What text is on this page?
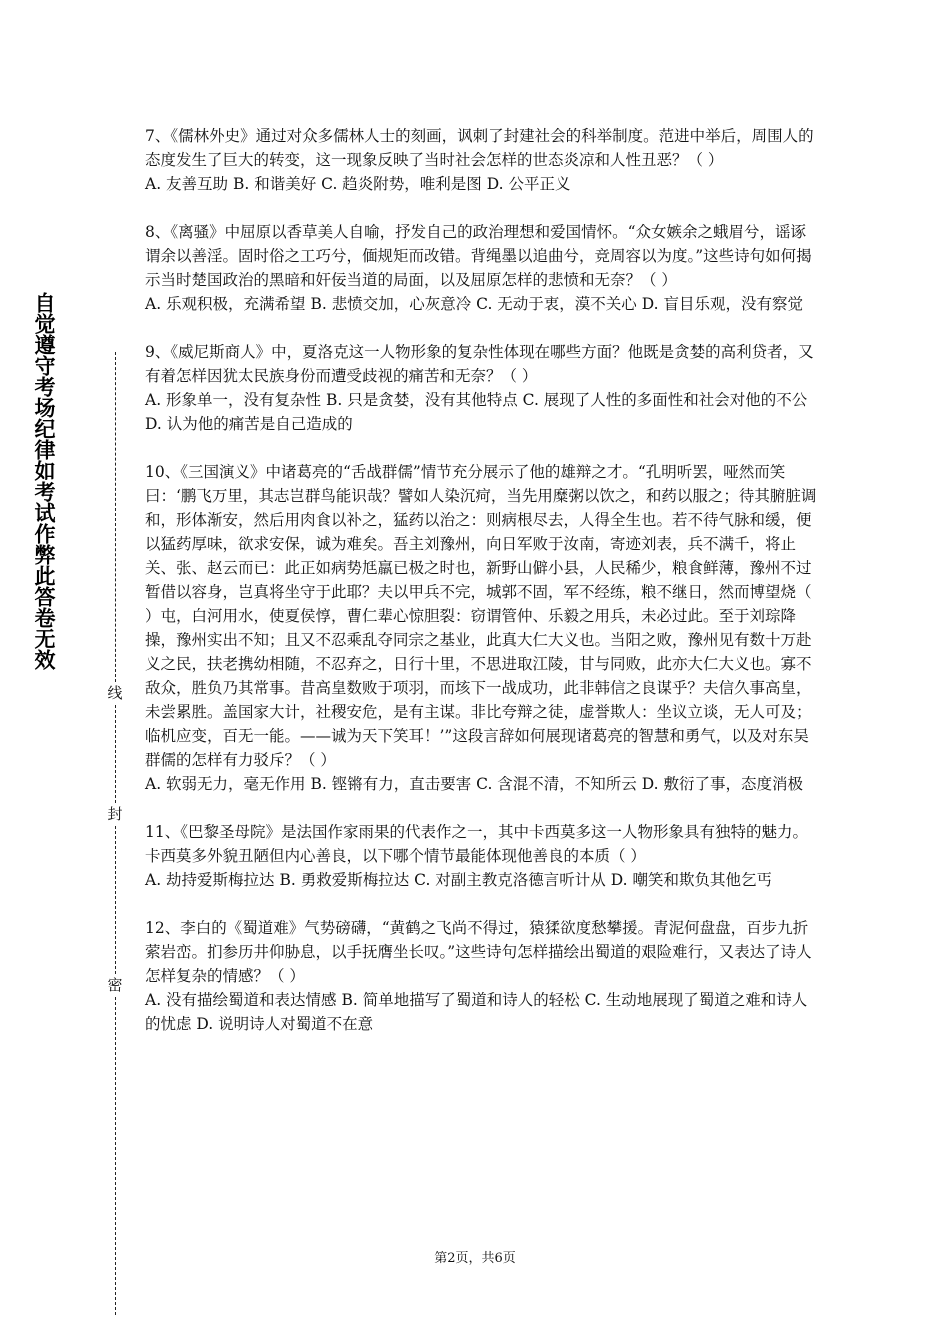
自觉遵守考场纪律如考试作弊此答卷无效
线
封
密

7、《儒林外史》通过对众多儒林人士的刻画，讽刺了封建社会的科举制度。范进中举后，周围人的态度发生了巨大的转变，这一现象反映了当时社会怎样的世态炎凉和人性丑恶？（ ）

A. 友善互助 B. 和谐美好 C. 趋炎附势，唯利是图 D. 公平正义

8、《离骚》中屈原以香草美人自喻，抒发自己的政治理想和爱国情怀。“众女嫉余之蛾眉兮，谣诼谓余以善淫。固时俗之工巧兮，偭规矩而改错。背绳墨以追曲兮，竞周容以为度。”这些诗句如何揭示当时楚国政治的黑暗和奸佞当道的局面，以及屈原怎样的悲愤和无奈？（ ）

A. 乐观积极，充满希望 B. 悲愤交加，心灰意冷 C. 无动于衷，漠不关心 D. 盲目乐观，没有察觉

9、《威尼斯商人》中，夏洛克这一人物形象的复杂性体现在哪些方面？他既是贪婪的高利贷者，又有着怎样因犹太民族身份而遭受歧视的痛苦和无奈？（ ）

A. 形象单一，没有复杂性 B. 只是贪婪，没有其他特点 C. 展现了人性的多面性和社会对他的不公 D. 认为他的痛苦是自己造成的

10、《三国演义》中诸葛亮的“舌战群儒”情节充分展示了他的雄辩之才。“孔明听罢，哑然而笑曰：‘鹏飞万里，其志岂群鸟能识哉？譬如人染沉疴，当先用糜粥以饮之，和药以服之；待其腑脏调和，形体渐安，然后用肉食以补之，猛药以治之：则病根尽去，人得全生也。若不待气脉和缓，便以猛药厚味，欲求安保，诚为难矣。吾主刘豫州，向日军败于汝南，寄迹刘表，兵不满千，将止关、张、赵云而已：此正如病势尪羸已极之时也，新野山僻小县，人民稀少，粮食鲜薄，豫州不过暂借以容身，岂真将坐守于此耶？夫以甲兵不完，城郭不固，军不经练，粮不继日，然而博望烧（ ）屯，白河用水，使夏侯惇，曹仁辈心惊胆裂：窃谓管仲、乐毅之用兵，未必过此。至于刘琮降操，豫州实出不知；且又不忍乘乱夺同宗之基业，此真大仁大义也。当阳之败，豫州见有数十万赴义之民，扶老携幼相随，不忍弃之，日行十里，不思进取江陵，甘与同败，此亦大仁大义也。寡不敌众，胜负乃其常事。昔高皇数败于项羽，而垓下一战成功，此非韩信之良谋乎？夫信久事高皇，未尝累胜。盖国家大计，社稷安危，是有主谋。非比夸辩之徒，虚誉欺人：坐议立谈，无人可及；临机应变，百无一能。——诚为天下笑耳！’”这段言辞如何展现诸葛亮的智慧和勇气，以及对东吴群儒的怎样有力驳斥？（ ）

A. 软弱无力，毫无作用 B. 铿锵有力，直击要害 C. 含混不清，不知所云 D. 敷衍了事，态度消极

11、《巴黎圣母院》是法国作家雨果的代表作之一，其中卡西莫多这一人物形象具有独特的魅力。卡西莫多外貌丑陋但内心善良，以下哪个情节最能体现他善良的本质（ ）

A. 劫持爱斯梅拉达 B. 勇救爱斯梅拉达 C. 对副主教克洛德言听计从 D. 嘲笑和欺负其他乞丐

12、李白的《蜀道难》气势磅礴，“黄鹤之飞尚不得过，猿猱欲度愁攀援。青泥何盘盘，百步九折萦岩峦。扪参历井仰胁息，以手抚膺坐长叹。”这些诗句怎样描绘出蜀道的艰险难行，又表达了诗人怎样复杂的情感？（ ）

A. 没有描绘蜀道和表达情感 B. 简单地描写了蜀道和诗人的轻松 C. 生动地展现了蜀道之难和诗人的忧虑 D. 说明诗人对蜀道不在意

第2页，共6页
